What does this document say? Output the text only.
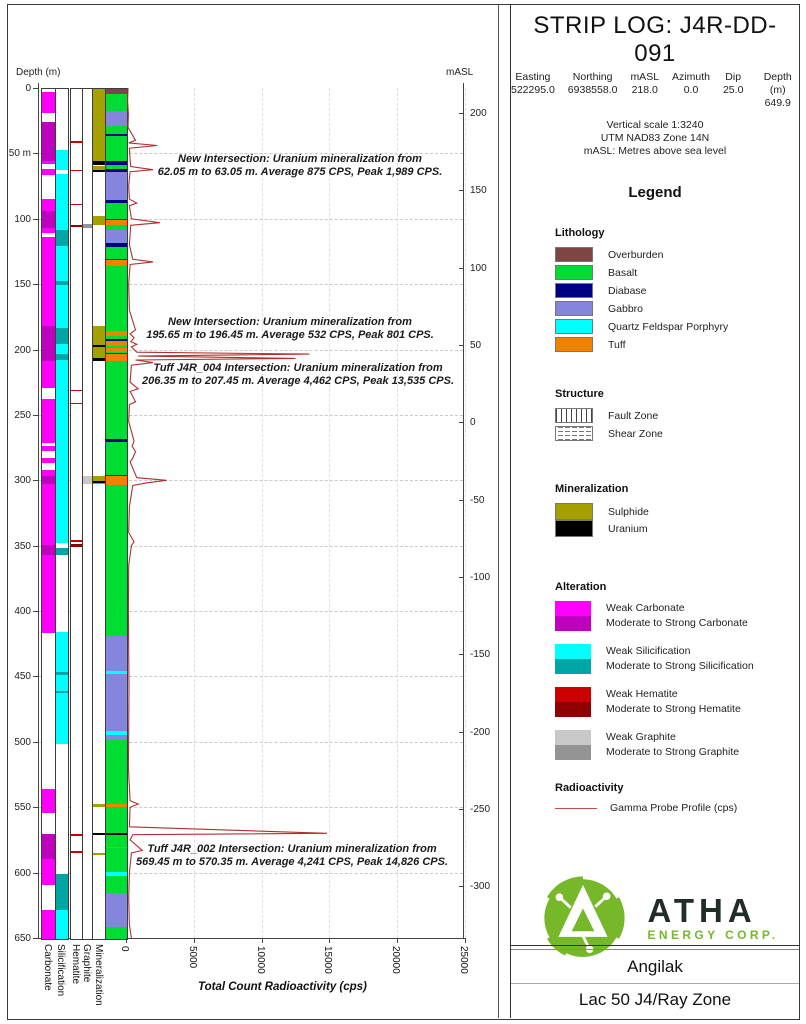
Depth (m)	mASL
0
50 m
100
150
200
250
300
350
400
450
500
550
600
650
200
150
100
50
0
-50
-100
-150
-200
-250
-300
0	5000	10000	15000	20000	25000
Carbonate Silicification Hematite Graphite Mineralization
New Intersection: Uranium mineralization from
62.05 m to 63.05 m. Average 875 CPS, Peak 1,989 CPS.
New Intersection: Uranium mineralization from
195.65 m to 196.45 m. Average 532 CPS, Peak 801 CPS.
Tuff J4R_004 Intersection: Uranium mineralization from
206.35 m to 207.45 m. Average 4,462 CPS, Peak 13,535 CPS.
Tuff J4R_002 Intersection: Uranium mineralization from
569.45 m to 570.35 m. Average 4,241 CPS, Peak 14,826 CPS.
Total Count Radioactivity (cps)
STRIP LOG: J4R-DD-091
Easting
522295.0
Northing
6938558.0
mASL
218.0
Azimuth
0.0
Dip
25.0
Depth (m)
649.9
Vertical scale 1:3240
UTM NAD83 Zone 14N
mASL: Metres above sea level
Legend
Lithology
Overburden
Basalt
Diabase
Gabbro
Quartz Feldspar Porphyry
Tuff
Structure
Fault Zone
Shear Zone
Mineralization
Sulphide
Uranium
Alteration
Weak Carbonate
Moderate to Strong Carbonate
Weak Silicification
Moderate to Strong Silicification
Weak Hematite
Moderate to Strong Hematite
Weak Graphite
Moderate to Strong Graphite
Radioactivity
Gamma Probe Profile (cps)
ATHA
ENERGY CORP.
Angilak
Lac 50 J4/Ray Zone
